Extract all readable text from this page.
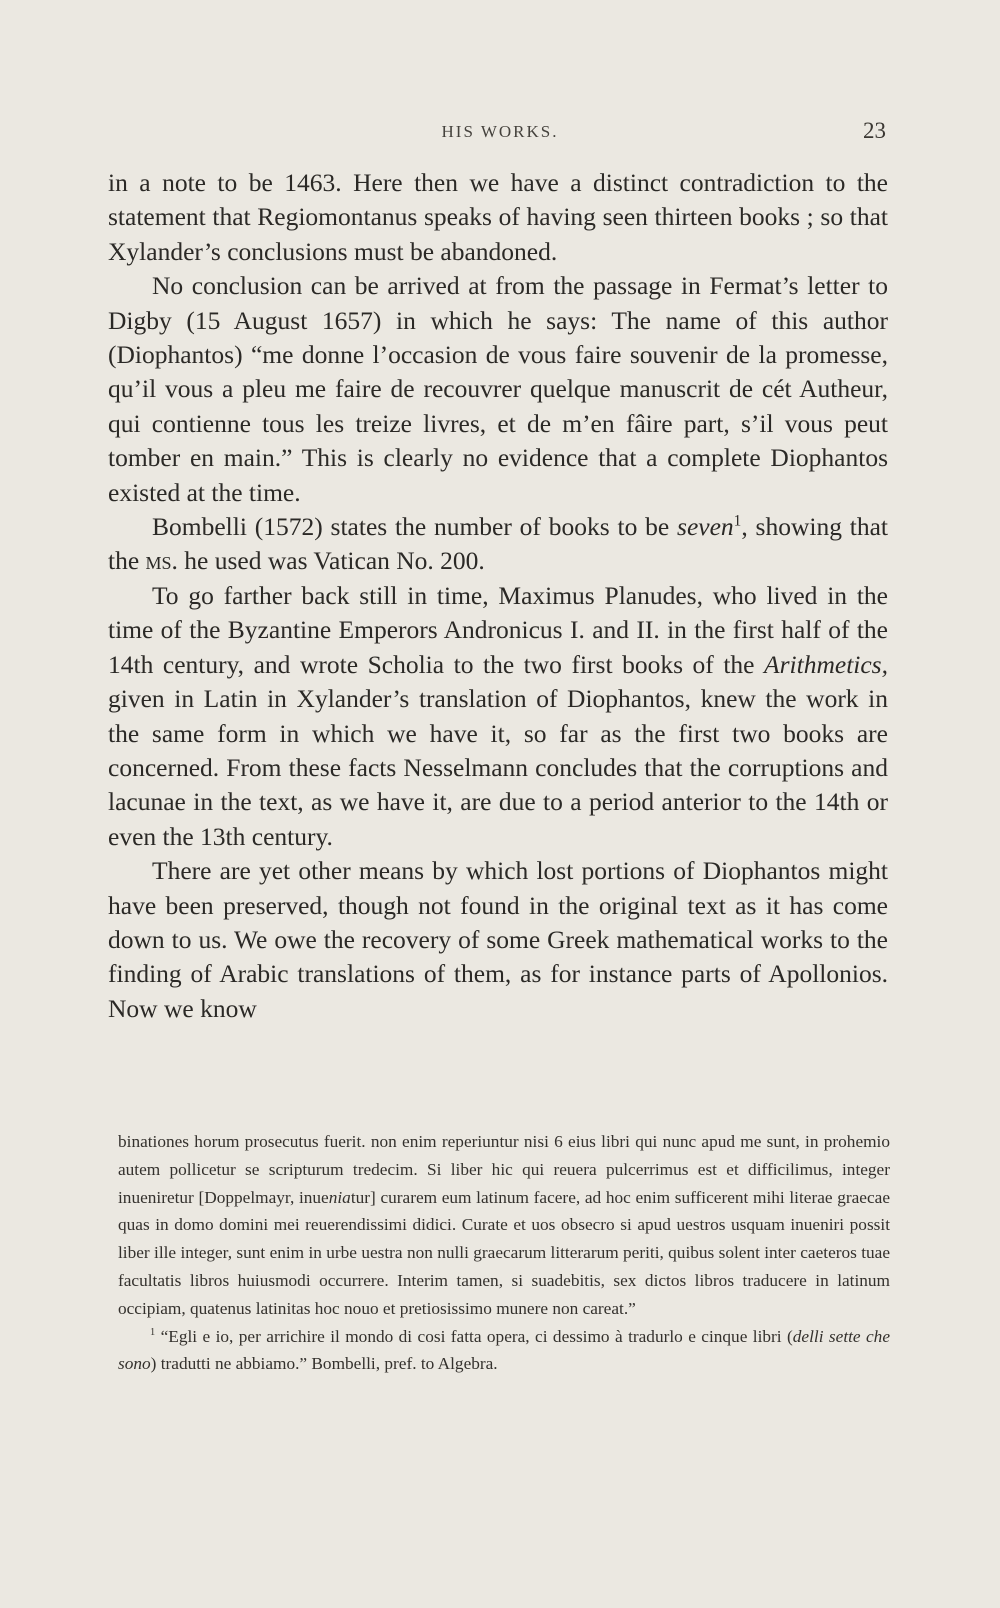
HIS WORKS.	23

in a note to be 1463. Here then we have a distinct contradiction to the statement that Regiomontanus speaks of having seen thirteen books ; so that Xylander’s conclusions must be abandoned.

No conclusion can be arrived at from the passage in Fermat’s letter to Digby (15 August 1657) in which he says: The name of this author (Diophantos) “me donne l’occasion de vous faire souvenir de la promesse, qu’il vous a pleu me faire de recouvrer quelque manuscrit de cét Autheur, qui contienne tous les treize livres, et de m’en fâire part, s’il vous peut tomber en main.” This is clearly no evidence that a complete Diophantos existed at the time.

Bombelli (1572) states the number of books to be seven$^1$, showing that the ms. he used was Vatican No. 200.

To go farther back still in time, Maximus Planudes, who lived in the time of the Byzantine Emperors Andronicus I. and II. in the first half of the 14th century, and wrote Scholia to the two first books of the Arithmetics, given in Latin in Xylander’s translation of Diophantos, knew the work in the same form in which we have it, so far as the first two books are concerned. From these facts Nesselmann concludes that the corruptions and lacunae in the text, as we have it, are due to a period anterior to the 14th or even the 13th century.

There are yet other means by which lost portions of Diophantos might have been preserved, though not found in the original text as it has come down to us. We owe the recovery of some Greek mathematical works to the finding of Arabic translations of them, as for instance parts of Apollonios. Now we know

binationes horum prosecutus fuerit. non enim reperiuntur nisi 6 eius libri qui nunc apud me sunt, in prohemio autem pollicetur se scripturum tredecim. Si liber hic qui reuera pulcerrimus est et difficilimus, integer inueniretur [Doppelmayr, inueniatur] curarem eum latinum facere, ad hoc enim sufficerent mihi literae graecae quas in domo domini mei reuerendissimi didici. Curate et uos obsecro si apud uestros usquam inueniri possit liber ille integer, sunt enim in urbe uestra non nulli graecarum litterarum periti, quibus solent inter caeteros tuae facultatis libros huiusmodi occurrere. Interim tamen, si suadebitis, sex dictos libros traducere in latinum occipiam, quatenus latinitas hoc nouo et pretiosissimo munere non careat.”

$^1$ “Egli e io, per arrichire il mondo di cosi fatta opera, ci dessimo à tradurlo e cinque libri (delli sette che sono) tradutti ne abbiamo.” Bombelli, pref. to Algebra.
